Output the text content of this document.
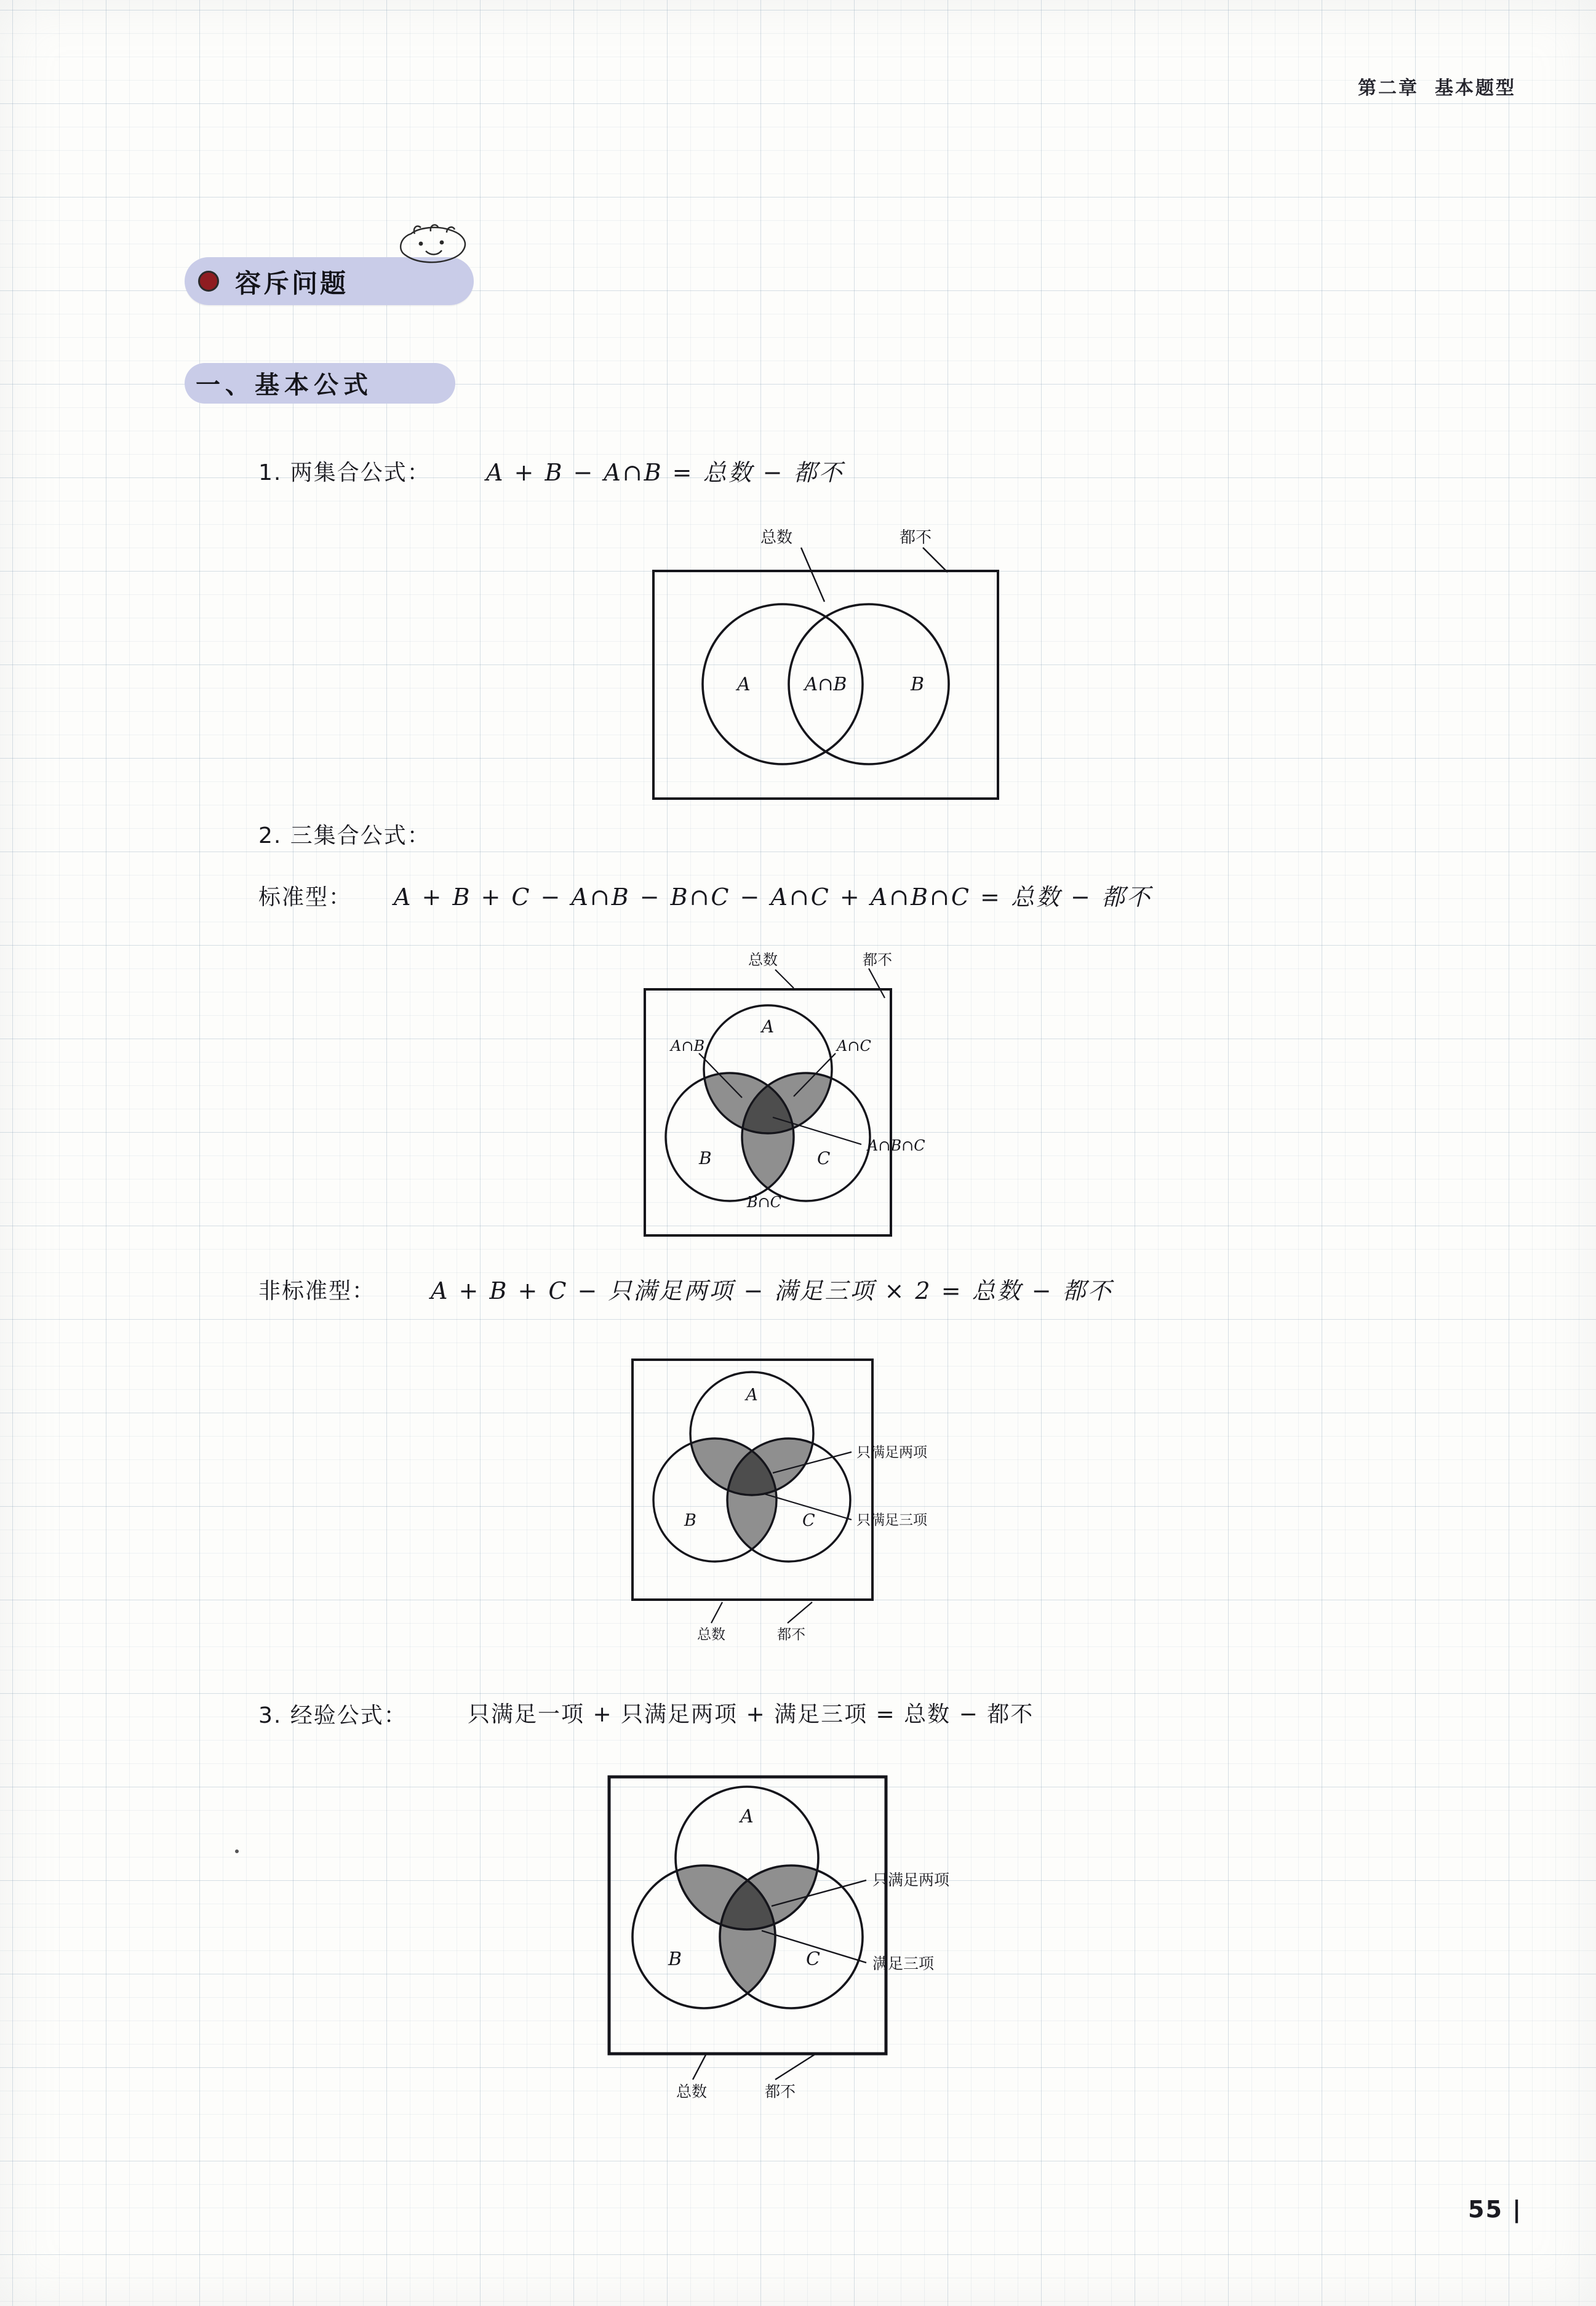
第二章 基本题型
容斥问题
一、基本公式
1. 两集合公式： A + B − A∩B = 总数 − 都不
总数	都不
A	B
A∩B
2. 三集合公式：
标准型： A + B + C − A∩B − B∩C − A∩C + A∩B∩C = 总数 − 都不
总数	都不
A
B	C
A∩B	A∩C
B∩C
A∩B∩C
非标准型： A + B + C − 只满足两项 − 满足三项 × 2 = 总数 − 都不
A
B	C
只满足两项
只满足三项
总数	都不
3. 经验公式：	只满足一项 + 只满足两项 + 满足三项 = 总数 − 都不
A
B	C
只满足两项
满足三项
总数	都不
55 |
